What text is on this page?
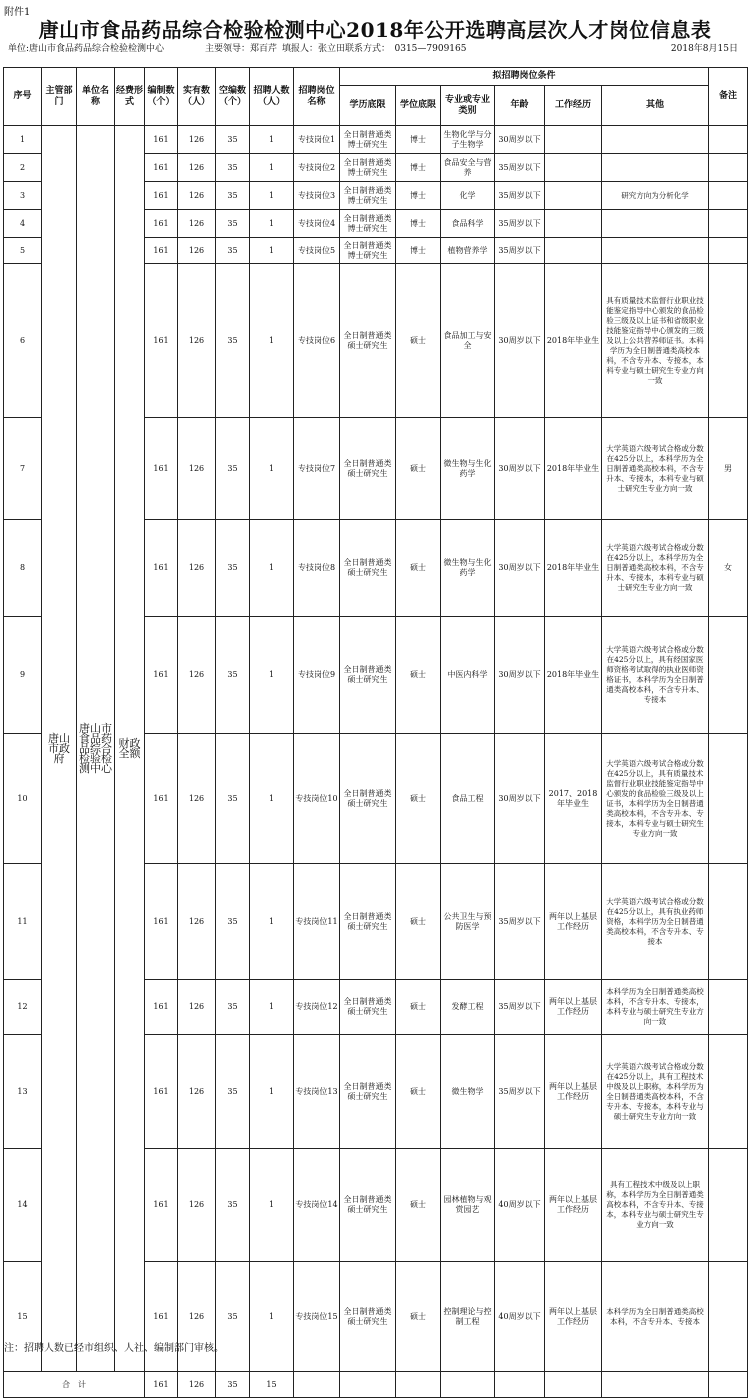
附件1
唐山市食品药品综合检验检测中心2018年公开选聘高层次人才岗位信息表
单位:唐山市食品药品综合检验检测中心	主要领导：郑百芹 填报人：张立田 联系方式：　0315—7909165	2018年8月15日
序号	主管部门	单位名称	经费形式	编制数（个）	实有数（人）	空编数（个）	招聘人数（人）	招聘岗位名称	拟招聘岗位条件						备注
									学历底限	学位底限	专业或专业类别	年龄	工作经历	其他	
1	唐山市政府	唐山市食品药品综合检验检测中心	财政全额	161	126	35	1	专技岗位1	全日制普通类博士研究生	博士	生物化学与分子生物学	30周岁以下			
2				161	126	35	1	专技岗位2	全日制普通类博士研究生	博士	食品安全与营养	35周岁以下			
3				161	126	35	1	专技岗位3	全日制普通类博士研究生	博士	化学	35周岁以下		研究方向为分析化学	
4				161	126	35	1	专技岗位4	全日制普通类博士研究生	博士	食品科学	35周岁以下			
5				161	126	35	1	专技岗位5	全日制普通类博士研究生	博士	植物营养学	35周岁以下			
6				161	126	35	1	专技岗位6	全日制普通类硕士研究生	硕士	食品加工与安全	30周岁以下	2018年毕业生	具有质量技术监督行业职业技能鉴定指导中心颁发的食品检验三级及以上证书和省级职业技能鉴定指导中心颁发的三级及以上公共营养师证书。本科学历为全日制普通类高校本科，不含专升本、专接本，本科专业与硕士研究生专业方向一致	
7				161	126	35	1	专技岗位7	全日制普通类硕士研究生	硕士	微生物与生化药学	30周岁以下	2018年毕业生	大学英语六级考试合格或分数在425分以上，本科学历为全日制普通类高校本科，不含专升本、专接本，本科专业与硕士研究生专业方向一致	男
8				161	126	35	1	专技岗位8	全日制普通类硕士研究生	硕士	微生物与生化药学	30周岁以下	2018年毕业生	大学英语六级考试合格或分数在425分以上，本科学历为全日制普通类高校本科，不含专升本、专接本，本科专业与硕士研究生专业方向一致	女
9				161	126	35	1	专技岗位9	全日制普通类硕士研究生	硕士	中医内科学	30周岁以下	2018年毕业生	大学英语六级考试合格或分数在425分以上，具有经国家医师资格考试取得的执业医师资格证书，本科学历为全日制普通类高校本科，不含专升本、专接本	
10				161	126	35	1	专技岗位10	全日制普通类硕士研究生	硕士	食品工程	30周岁以下	2017、2018年毕业生	大学英语六级考试合格或分数在425分以上，具有质量技术监督行业职业技能鉴定指导中心颁发的食品检验三级及以上证书，本科学历为全日制普通类高校本科，不含专升本、专接本，本科专业与硕士研究生专业方向一致	
11				161	126	35	1	专技岗位11	全日制普通类硕士研究生	硕士	公共卫生与预防医学	35周岁以下	两年以上基层工作经历	大学英语六级考试合格或分数在425分以上，具有执业药师资格，本科学历为全日制普通类高校本科，不含专升本、专接本	
12				161	126	35	1	专技岗位12	全日制普通类硕士研究生	硕士	发酵工程	35周岁以下	两年以上基层工作经历	本科学历为全日制普通类高校本科，不含专升本、专接本，本科专业与硕士研究生专业方向一致	
13				161	126	35	1	专技岗位13	全日制普通类硕士研究生	硕士	微生物学	35周岁以下	两年以上基层工作经历	大学英语六级考试合格或分数在425分以上，具有工程技术中级及以上职称，本科学历为全日制普通类高校本科，不含专升本、专接本，本科专业与硕士研究生专业方向一致	
14				161	126	35	1	专技岗位14	全日制普通类硕士研究生	硕士	园林植物与观赏园艺	40周岁以下	两年以上基层工作经历	具有工程技术中级及以上职称，本科学历为全日制普通类高校本科，不含专升本、专接本，本科专业与硕士研究生专业方向一致	
15				161	126	35	1	专技岗位15	全日制普通类硕士研究生	硕士	控制理论与控制工程	40周岁以下	两年以上基层工作经历	本科学历为全日制普通类高校本科，不含专升本、专接本	
合　计				161	126	35	15								
注：招聘人数已经市组织、人社、编制部门审核。
